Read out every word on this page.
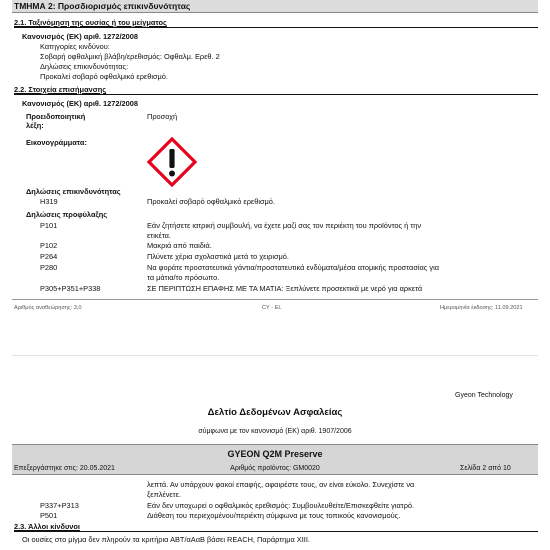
ΤΜΗΜΑ 2: Προσδιορισμός επικινδυνότητας
2.1. Ταξινόμηση της ουσίας ή του μείγματος
Κανονισμός (ΕΚ) αριθ. 1272/2008
Κατηγορίες κινδύνου:
Σοβαρή οφθαλμική βλάβη/ερεθισμός: Οφθαλμ. Ερεθ. 2
Δηλώσεις επικινδυνότητας:
Προκαλεί σοβαρό οφθαλμικό ερεθισμό.
2.2. Στοιχεία επισήμανσης
Κανονισμός (ΕΚ) αριθ. 1272/2008
Προειδοποιητική
λέξη:
Προσοχή
Εικονογράμματα:
Δηλώσεις επικινδυνότητας
H319	Προκαλεί σοβαρό οφθαλμικό ερεθισμό.
Δηλώσεις προφύλαξης
P101	Εάν ζητήσετε ιατρική συμβουλή, να έχετε μαζί σας τον περιέκτη του προϊόντος ή την
ετικέτα.
P102	Μακριά από παιδιά.
P264	Πλύνετε χέρια σχολαστικά μετά το χειρισμό.
P280	Να φοράτε προστατευτικά γάντια/προστατευτικά ενδύματα/μέσα ατομικής προστασίας για
τα μάτια/το πρόσωπο.
P305+P351+P338	ΣΕ ΠΕΡΙΠΤΩΣΗ ΕΠΑΦΗΣ ΜΕ ΤΑ ΜΑΤΙΑ: Ξεπλύνετε προσεκτικά με νερό για αρκετά
Αριθμός αναθεώρησης: 3,0	CY - EL	Ημερομηνία έκδοσης: 11.09.2021
Gyeon Technology
Δελτίο Δεδομένων Ασφαλείας
σύμφωνα με τον κανονισμό (ΕΚ) αριθ. 1907/2006
GYEON Q2M Preserve
Επεξεργάστηκε στις: 20.05.2021	Αριθμός προϊόντος: GM0020	Σελίδα 2 από 10
λεπτά. Αν υπάρχουν φακοί επαφής, αφαιρέστε τους, αν είναι εύκολο. Συνεχίστε να
ξεπλένετε.
P337+P313	Εάν δεν υποχωρεί ο οφθαλμικός ερεθισμός: Συμβουλευθείτε/Επισκεφθείτε γιατρό.
P501	Διάθεση του περιεχομένου/περιέκτη σύμφωνα με τους τοπικούς κανονισμούς.
2.3. Άλλοι κίνδυνοι
Οι ουσίες στο μίγμα δεν πληρούν τα κριτήρια ΑΒΤ/αΑαΒ βάσει REACH, Παράρτημα XIII.
